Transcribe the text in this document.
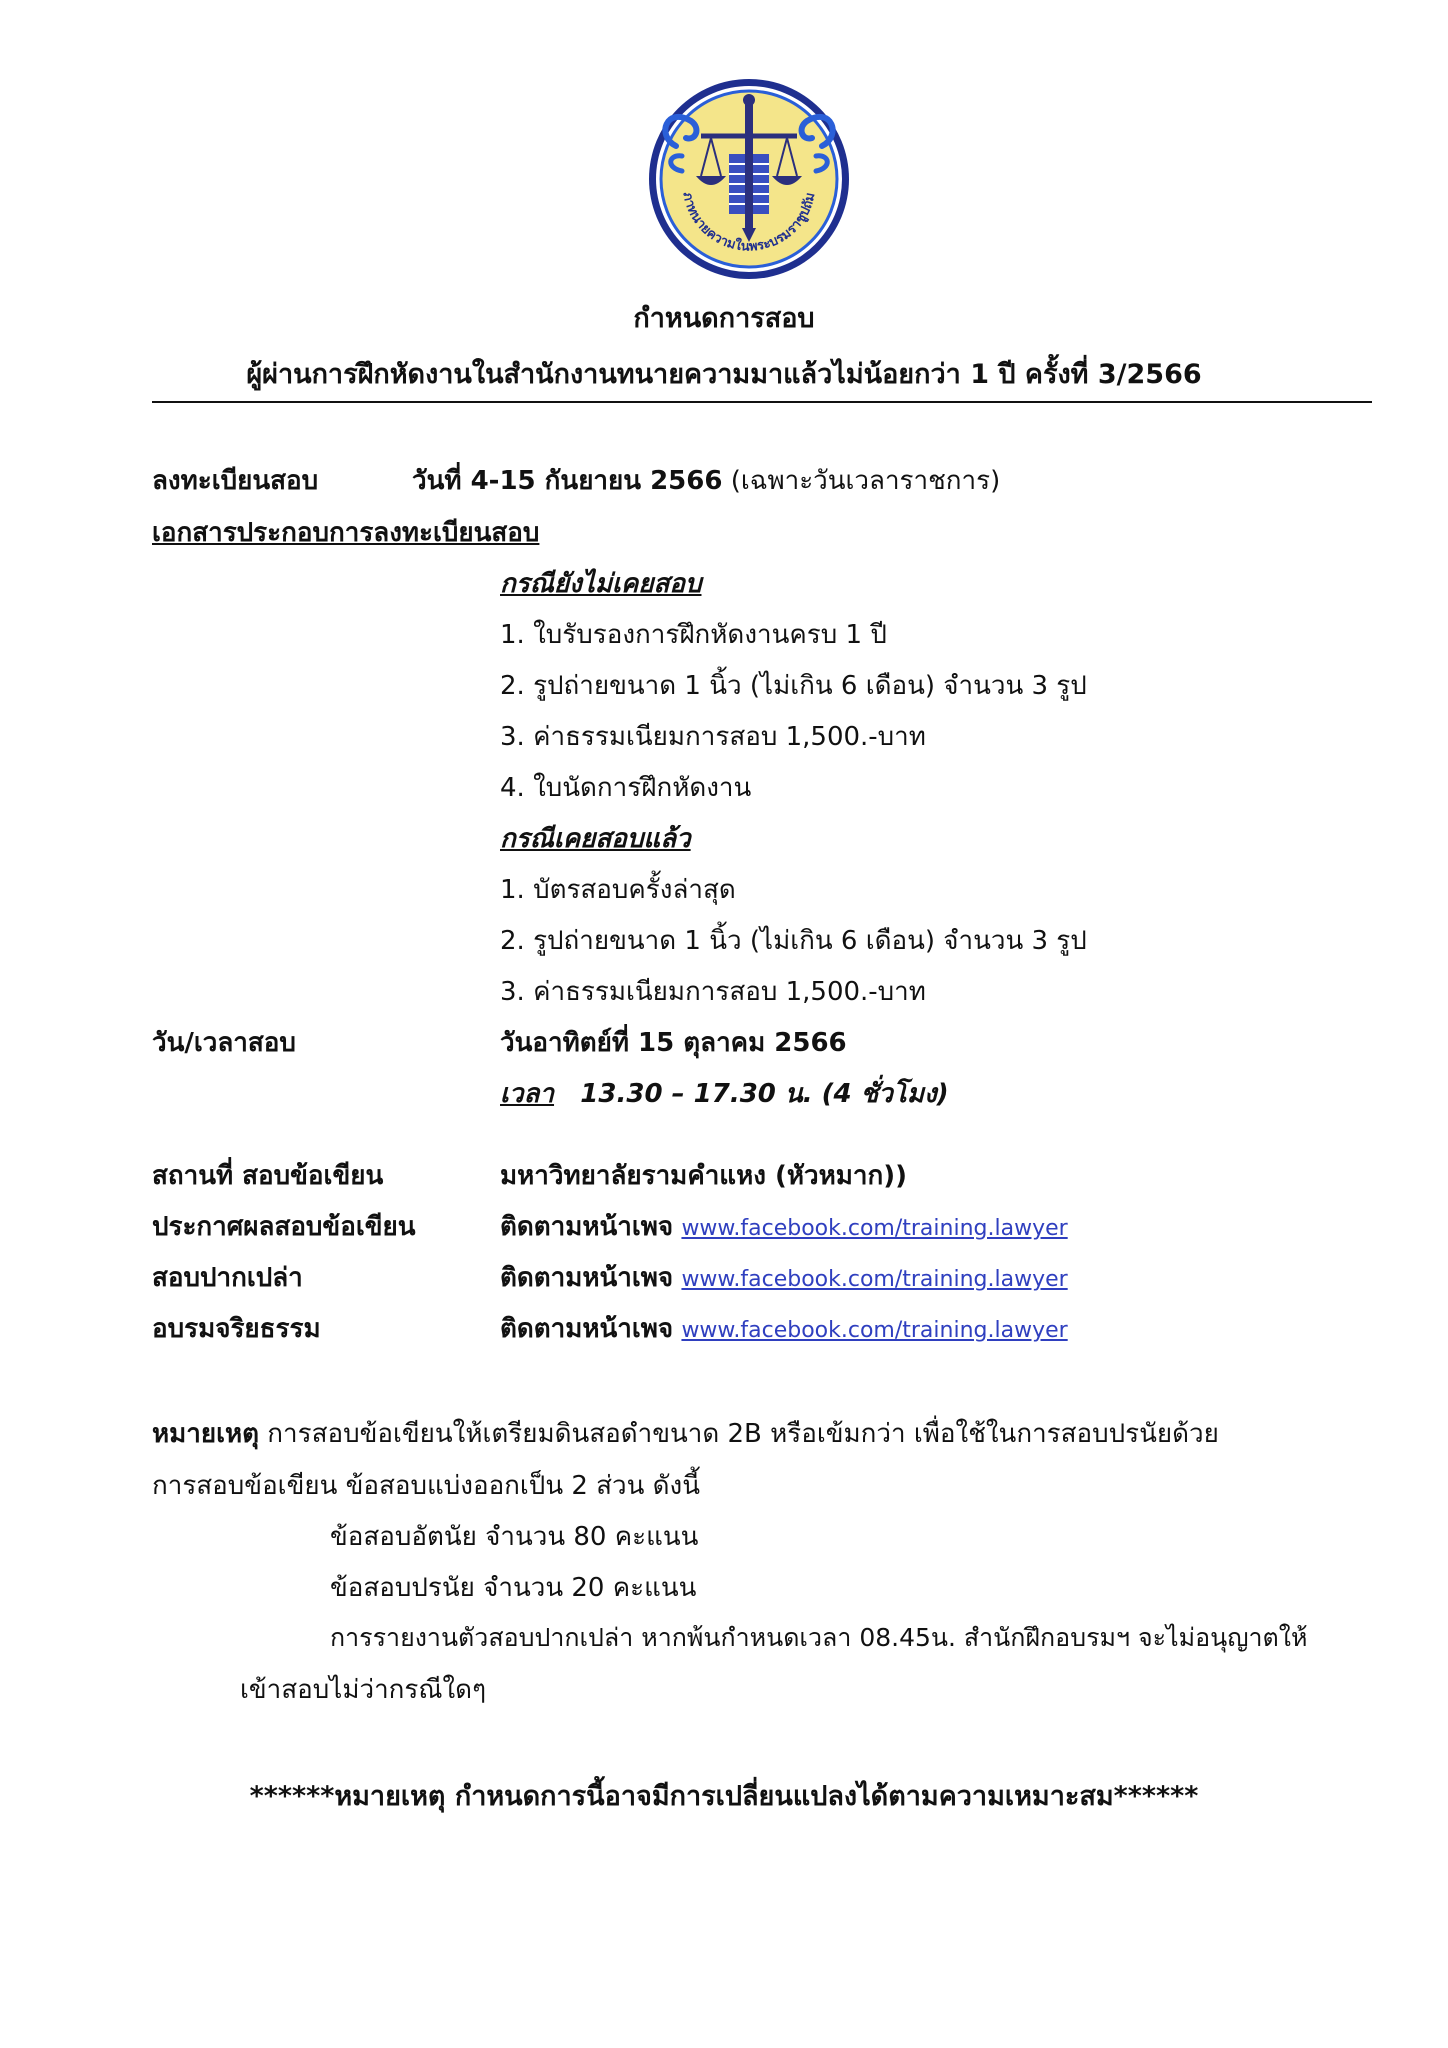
ภาทนายความในพระบรมราชูปถัม
กำหนดการสอบ
ผู้ผ่านการฝึกหัดงานในสำนักงานทนายความมาแล้วไม่น้อยกว่า 1 ปี ครั้งที่ 3/2566
ลงทะเบียนสอบ	วันที่ 4-15 กันยายน 2566 (เฉพาะวันเวลาราชการ)
เอกสารประกอบการลงทะเบียนสอบ
กรณียังไม่เคยสอบ
1. ใบรับรองการฝึกหัดงานครบ 1 ปี
2. รูปถ่ายขนาด 1 นิ้ว (ไม่เกิน 6 เดือน) จำนวน 3 รูป
3. ค่าธรรมเนียมการสอบ 1,500.-บาท
4. ใบนัดการฝึกหัดงาน
กรณีเคยสอบแล้ว
1. บัตรสอบครั้งล่าสุด
2. รูปถ่ายขนาด 1 นิ้ว (ไม่เกิน 6 เดือน) จำนวน 3 รูป
3. ค่าธรรมเนียมการสอบ 1,500.-บาท
วัน/เวลาสอบ	วันอาทิตย์ที่ 15 ตุลาคม 2566
เวลา 13.30 – 17.30 น. (4 ชั่วโมง)
สถานที่ สอบข้อเขียน	มหาวิทยาลัยรามคำแหง (หัวหมาก))
ประกาศผลสอบข้อเขียน	ติดตามหน้าเพจ www.facebook.com/training.lawyer
สอบปากเปล่า	ติดตามหน้าเพจ www.facebook.com/training.lawyer
อบรมจริยธรรม	ติดตามหน้าเพจ www.facebook.com/training.lawyer
หมายเหตุ การสอบข้อเขียนให้เตรียมดินสอดำขนาด 2B หรือเข้มกว่า เพื่อใช้ในการสอบปรนัยด้วย
การสอบข้อเขียน ข้อสอบแบ่งออกเป็น 2 ส่วน ดังนี้
ข้อสอบอัตนัย จำนวน 80 คะแนน
ข้อสอบปรนัย จำนวน 20 คะแนน
การรายงานตัวสอบปากเปล่า หากพ้นกำหนดเวลา 08.45น. สำนักฝึกอบรมฯ จะไม่อนุญาตให้
เข้าสอบไม่ว่ากรณีใดๆ
******หมายเหตุ กำหนดการนี้อาจมีการเปลี่ยนแปลงได้ตามความเหมาะสม******
